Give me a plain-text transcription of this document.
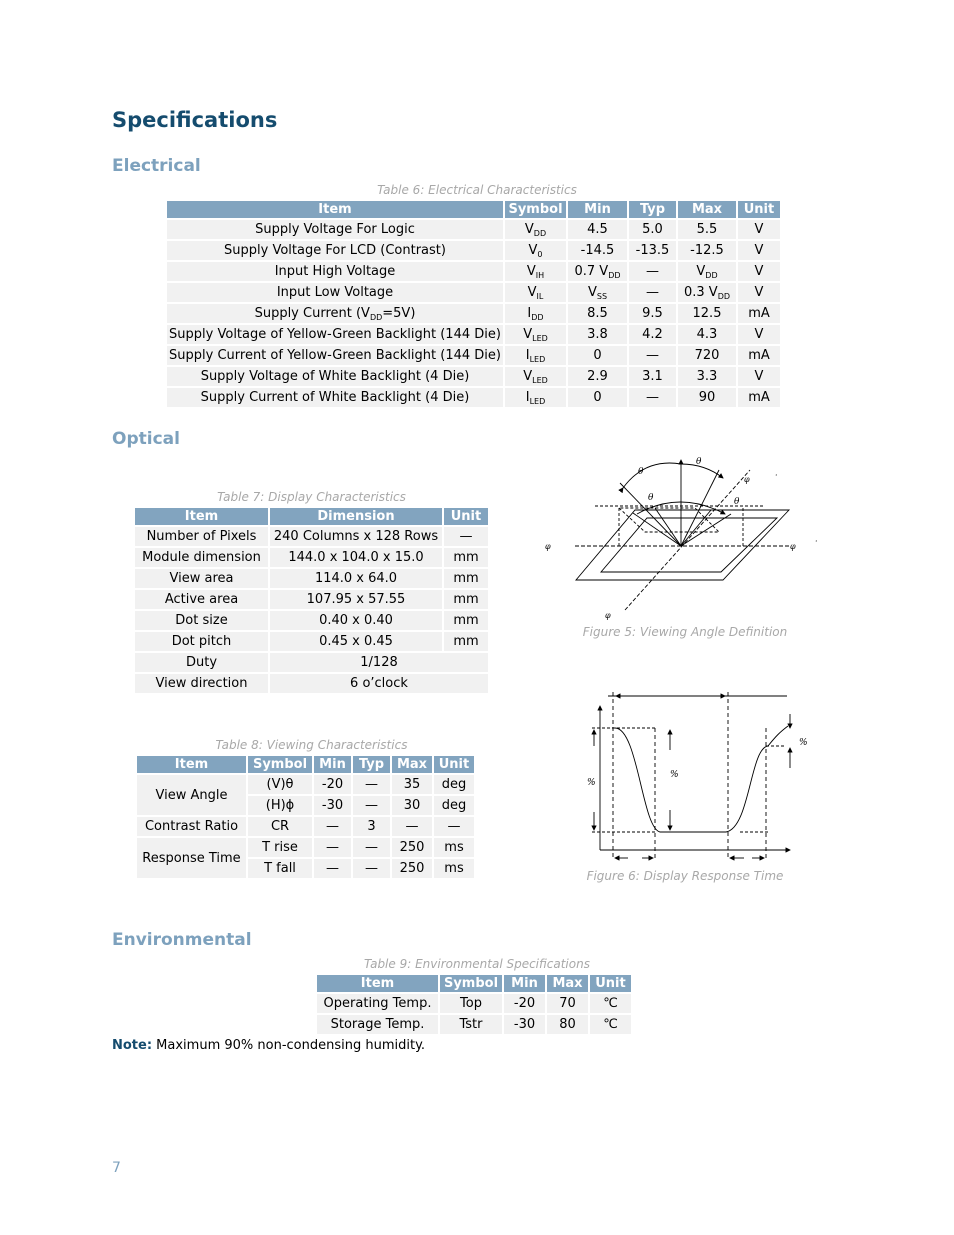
Specifications
Electrical
Table 6: Electrical Characteristics
Item	Symbol	Min	Typ	Max	Unit
Supply Voltage For Logic	$V_{DD}$	4.5	5.0	5.5	V
Supply Voltage For LCD (Contrast)	$V_0$	-14.5	-13.5	-12.5	V
Input High Voltage	$V_{IH}$	0.7 $V_{DD}$	—	$V_{DD}$	V
Input Low Voltage	$V_{IL}$	$V_{SS}$	—	0.3 $V_{DD}$	V
Supply Current $(V_{DD}=5V)$	$I_{DD}$	8.5	9.5	12.5	mA
Supply Voltage of Yellow-Green Backlight (144 Die)	$V_{LED}$	3.8	4.2	4.3	V
Supply Current of Yellow-Green Backlight (144 Die)	$I_{LED}$	0	—	720	mA
Supply Voltage of White Backlight (4 Die)	$V_{LED}$	2.9	3.1	3.3	V
Supply Current of White Backlight (4 Die)	$I_{LED}$	0	—	90	mA
Optical
Table 7: Display Characteristics
Item	Dimension	Unit
Number of Pixels	240 Columns x 128 Rows	—
Module dimension	144.0 x 104.0 x 15.0	mm
View area	114.0 x 64.0	mm
Active area	107.95 x 57.55	mm
Dot size	0.40 x 0.40	mm
Dot pitch	0.45 x 0.45	mm
Duty	1/128	
View direction	6 o’clock	
θ
θ
θ	θ
φ
φ	φ
φ
·
·
Figure 5: Viewing Angle Definition
Table 8: Viewing Characteristics
Item	Symbol	Min	Typ	Max	Unit
View Angle	(V)θ	-20	—	35	deg
	(H)ϕ	-30	—	30	deg
Contrast Ratio	CR	—	3	—	—
Response Time	T rise	—	—	250	ms
	T fall	—	—	250	ms
%
%
%
Figure 6: Display Response Time
Environmental
Table 9: Environmental Specifications
Item	Symbol	Min	Max	Unit
Operating Temp.	Top	-20	70	℃
Storage Temp.	Tstr	-30	80	℃
Note: Maximum 90% non-condensing humidity.
7
